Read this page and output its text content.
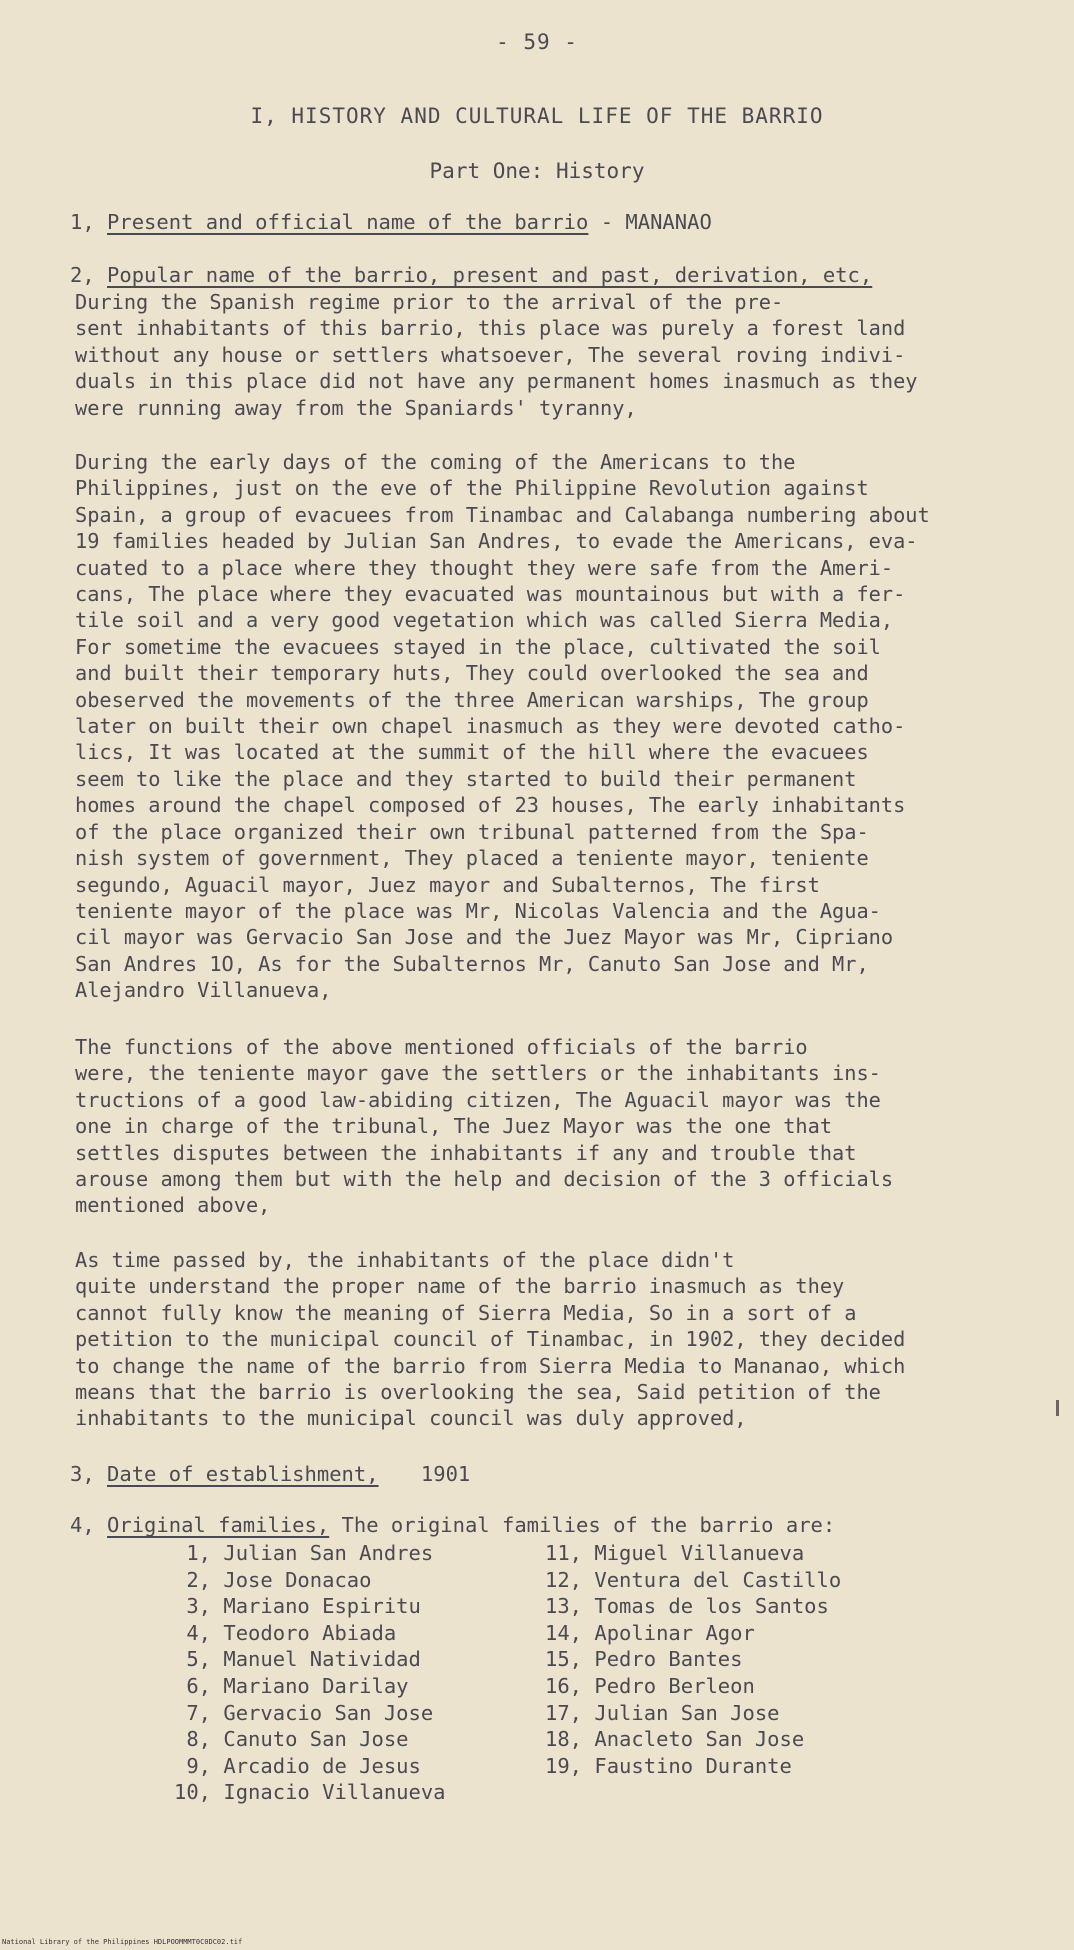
- 59 -
I, HISTORY AND CULTURAL LIFE OF THE BARRIO
Part One: History
1, Present and official name of the barrio - MANANAO
2, Popular name of the barrio, present and past, derivation, etc,
During the Spanish regime prior to the arrival of the pre-
sent inhabitants of this barrio, this place was purely a forest land
without any house or settlers whatsoever, The several roving indivi-
duals in this place did not have any permanent homes inasmuch as they
were running away from the Spaniards' tyranny,
During the early days of the coming of the Americans to the
Philippines, just on the eve of the Philippine Revolution against
Spain, a group of evacuees from Tinambac and Calabanga numbering about
19 families headed by Julian San Andres, to evade the Americans, eva-
cuated to a place where they thought they were safe from the Ameri-
cans, The place where they evacuated was mountainous but with a fer-
tile soil and a very good vegetation which was called Sierra Media,
For sometime the evacuees stayed in the place, cultivated the soil
and built their temporary huts, They could overlooked the sea and
obeserved the movements of the three American warships, The group
later on built their own chapel inasmuch as they were devoted catho-
lics, It was located at the summit of the hill where the evacuees
seem to like the place and they started to build their permanent
homes around the chapel composed of 23 houses, The early inhabitants
of the place organized their own tribunal patterned from the Spa-
nish system of government, They placed a teniente mayor, teniente
segundo, Aguacil mayor, Juez mayor and Subalternos, The first
teniente mayor of the place was Mr, Nicolas Valencia and the Agua-
cil mayor was Gervacio San Jose and the Juez Mayor was Mr, Cipriano
San Andres 1O, As for the Subalternos Mr, Canuto San Jose and Mr,
Alejandro Villanueva,
The functions of the above mentioned officials of the barrio
were, the teniente mayor gave the settlers or the inhabitants ins-
tructions of a good law-abiding citizen, The Aguacil mayor was the
one in charge of the tribunal, The Juez Mayor was the one that
settles disputes between the inhabitants if any and trouble that
arouse among them but with the help and decision of the 3 officials
mentioned above,
As time passed by, the inhabitants of the place didn't
quite understand the proper name of the barrio inasmuch as they
cannot fully know the meaning of Sierra Media, So in a sort of a
petition to the municipal council of Tinambac, in 1902, they decided
to change the name of the barrio from Sierra Media to Mananao, which
means that the barrio is overlooking the sea, Said petition of the
inhabitants to the municipal council was duly approved,
3, Date of establishment, 1901
4, Original families, The original families of the barrio are:
1, Julian San Andres
2, Jose Donacao
3, Mariano Espiritu
4, Teodoro Abiada
5, Manuel Natividad
6, Mariano Darilay
7, Gervacio San Jose
8, Canuto San Jose
9, Arcadio de Jesus
10, Ignacio Villanueva
11, Miguel Villanueva
12, Ventura del Castillo
13, Tomas de los Santos
14, Apolinar Agor
15, Pedro Bantes
16, Pedro Berleon
17, Julian San Jose
18, Anacleto San Jose
19, Faustino Durante
National Library of the Philippines HDLPOOMMMT0C0DC02.tif
